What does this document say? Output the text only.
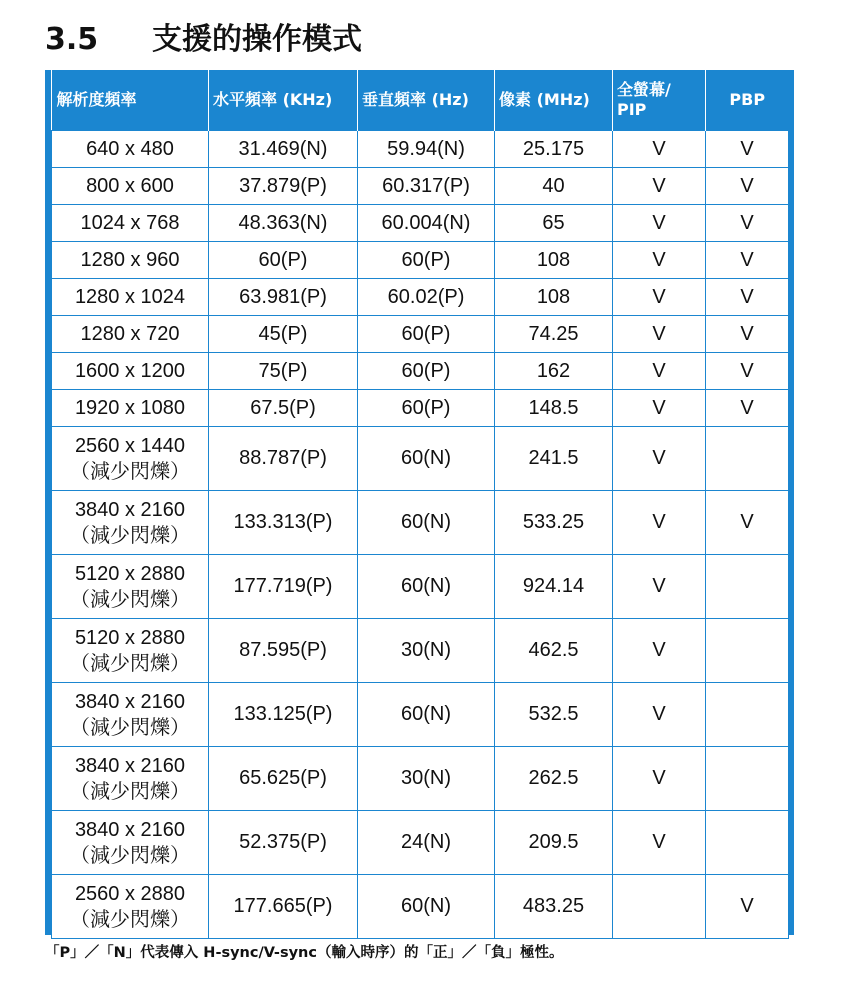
3.5	支援的操作模式
解析度頻率	水平頻率 (KHz)	垂直頻率 (Hz)	像素 (MHz)	全螢幕/
PIP	PBP

640 x 480	31.469(N)	59.94(N)	25.175	V	V

800 x 600	37.879(P)	60.317(P)	40	V	V

1024 x 768	48.363(N)	60.004(N)	65	V	V

1280 x 960	60(P)	60(P)	108	V	V

1280 x 1024	63.981(P)	60.02(P)	108	V	V

1280 x 720	45(P)	60(P)	74.25	V	V

1600 x 1200	75(P)	60(P)	162	V	V

1920 x 1080	67.5(P)	60(P)	148.5	V	V

2560 x 1440
（減少閃爍）	88.787(P)	60(N)	241.5	V	

3840 x 2160
（減少閃爍）	133.313(P)	60(N)	533.25	V	V

5120 x 2880
（減少閃爍）	177.719(P)	60(N)	924.14	V	

5120 x 2880
（減少閃爍）	87.595(P)	30(N)	462.5	V	

3840 x 2160
（減少閃爍）	133.125(P)	60(N)	532.5	V	

3840 x 2160
（減少閃爍）	65.625(P)	30(N)	262.5	V	

3840 x 2160
（減少閃爍）	52.375(P)	24(N)	209.5	V	

2560 x 2880
（減少閃爍）	177.665(P)	60(N)	483.25		V
「P」／「N」代表傳入 H-sync/V-sync（輸入時序）的「正」／「負」極性。
